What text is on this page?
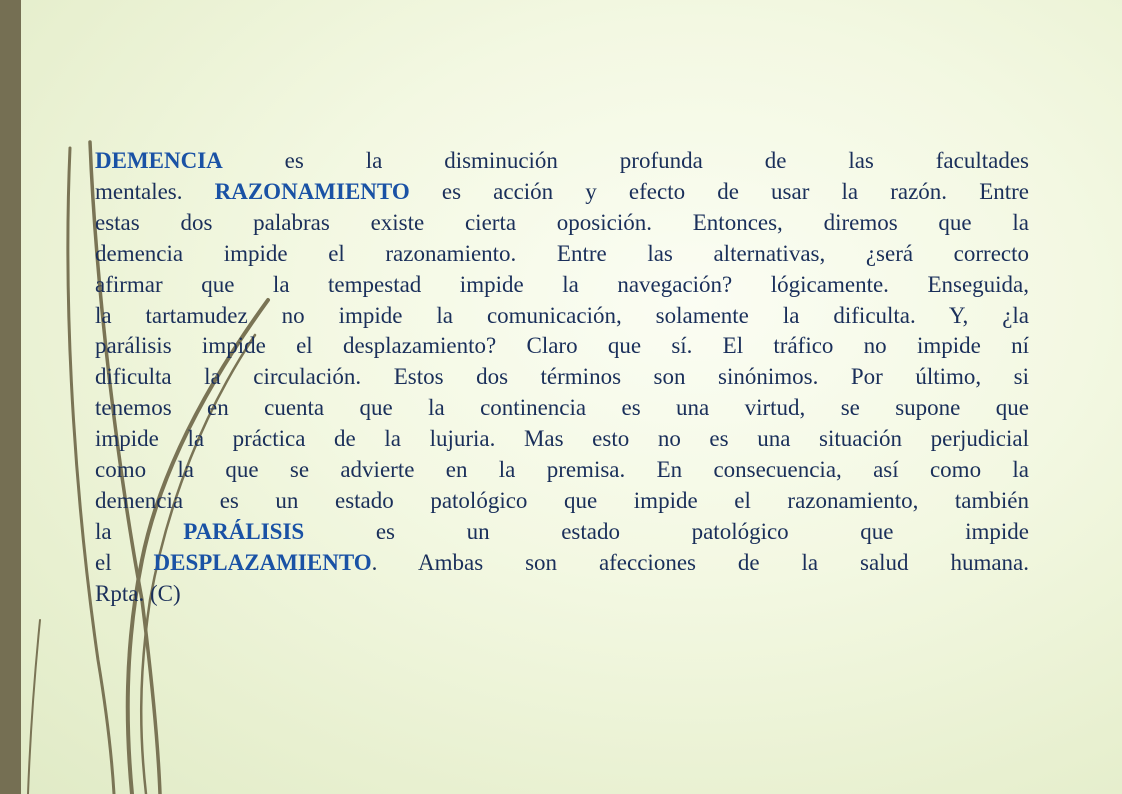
DEMENCIA es la disminución profunda de las facultades
mentales. RAZONAMIENTO es acción y efecto de usar la razón. Entre
estas dos palabras existe cierta oposición. Entonces, diremos que la
demencia impide el razonamiento. Entre las alternativas, ¿será correcto
afirmar que la tempestad impide la navegación? lógicamente. Enseguida,
la tartamudez no impide la comunicación, solamente la dificulta. Y, ¿la
parálisis impide el desplazamiento? Claro que sí. El tráfico no impide ní
dificulta la circulación. Estos dos términos son sinónimos. Por último, si
tenemos en cuenta que la continencia es una virtud, se supone que
impide la práctica de la lujuria. Mas esto no es una situación perjudicial
como la que se advierte en la premisa. En consecuencia, así como la
demencia es un estado patológico que impide el razonamiento, también
la PARÁLISIS es un estado patológico que impide
el DESPLAZAMIENTO. Ambas son afecciones de la salud humana.
Rpta. (C)
